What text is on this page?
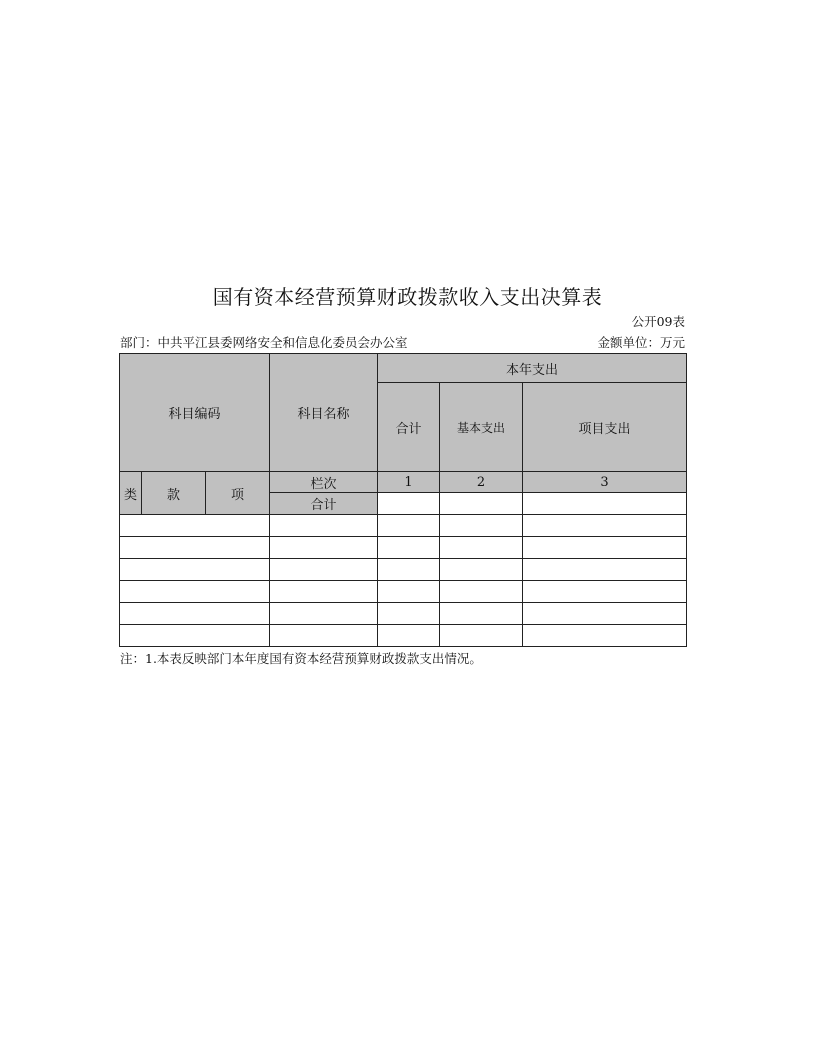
国有资本经营预算财政拨款收入支出决算表
公开09表
部门：中共平江县委网络安全和信息化委员会办公室	金额单位：万元
科目编码			科目名称	本年支出		
				合计	基本支出	项目支出
类	款	项	栏次	1	2	3
			合计			

注：1.本表反映部门本年度国有资本经营预算财政拨款支出情况。
